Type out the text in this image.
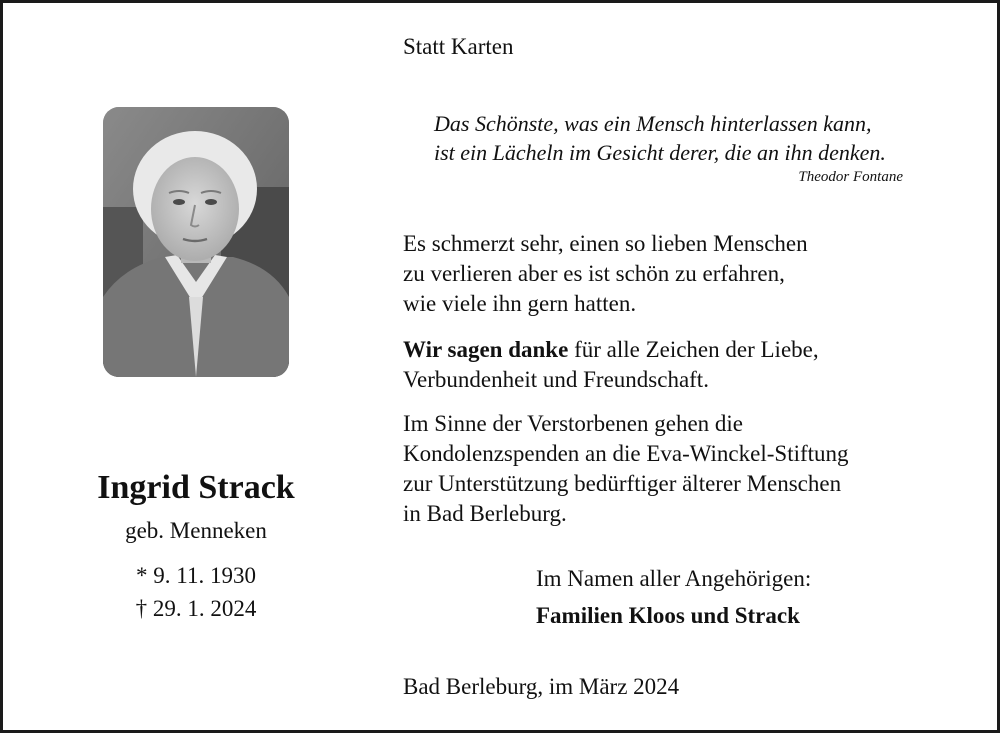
Statt Karten
Das Schönste, was ein Mensch hinterlassen kann,
ist ein Lächeln im Gesicht derer, die an ihn denken.
Theodor Fontane
Ingrid Strack
geb. Menneken
* 9. 11. 1930
† 29. 1. 2024
Es schmerzt sehr, einen so lieben Menschen
zu verlieren aber es ist schön zu erfahren,
wie viele ihn gern hatten.
Wir sagen danke für alle Zeichen der Liebe,
Verbundenheit und Freundschaft.
Im Sinne der Verstorbenen gehen die
Kondolenzspenden an die Eva-Winckel-Stiftung
zur Unterstützung bedürftiger älterer Menschen
in Bad Berleburg.
Im Namen aller Angehörigen:
Familien Kloos und Strack
Bad Berleburg, im März 2024
